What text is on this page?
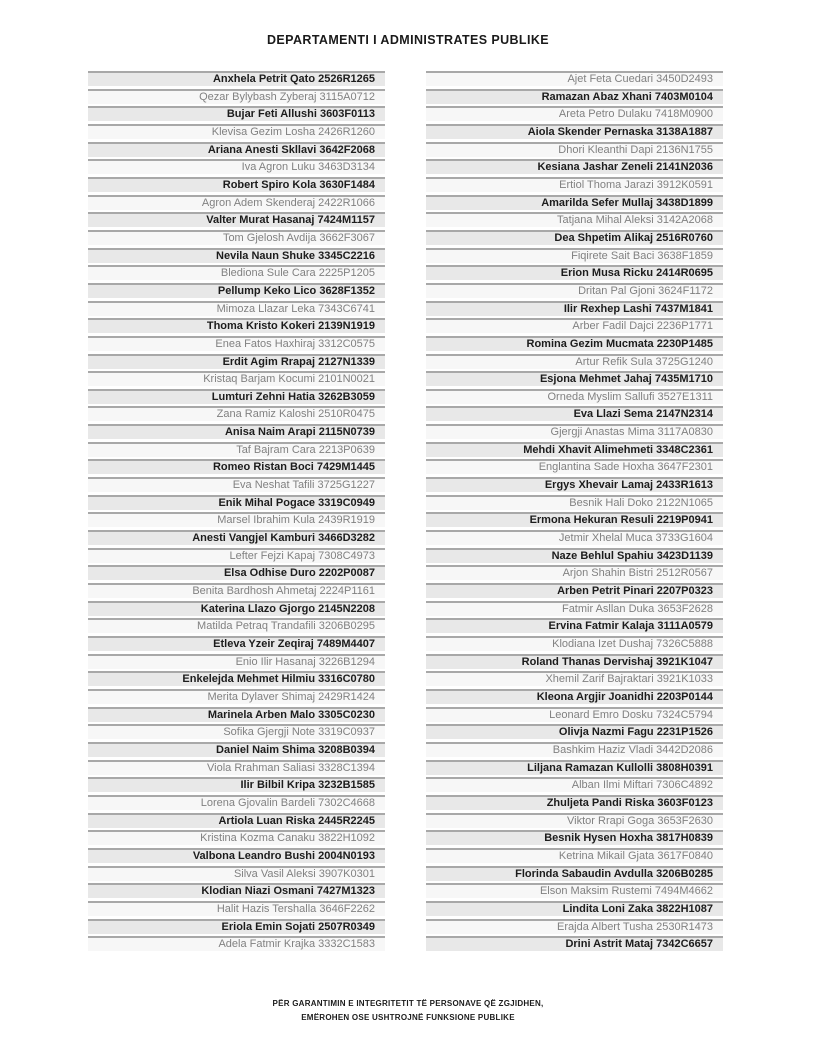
DEPARTAMENTI I ADMINISTRATES PUBLIKE
Anxhela Petrit Qato 2526R1265
Qezar Bylybash Zyberaj 3115A0712
Bujar Feti Allushi 3603F0113
Klevisa Gezim Losha 2426R1260
Ariana Anesti Skllavi 3642F2068
Iva Agron Luku 3463D3134
Robert Spiro Kola 3630F1484
Agron Adem Skenderaj 2422R1066
Valter Murat Hasanaj 7424M1157
Tom Gjelosh Avdija 3662F3067
Nevila Naun Shuke 3345C2216
Blediona Sule Cara 2225P1205
Pellump Keko Lico 3628F1352
Mimoza Llazar Leka 7343C6741
Thoma Kristo Kokeri 2139N1919
Enea Fatos Haxhiraj 3312C0575
Erdit Agim Rrapaj 2127N1339
Kristaq Barjam Kocumi 2101N0021
Lumturi Zehni Hatia 3262B3059
Zana Ramiz Kaloshi 2510R0475
Anisa Naim Arapi 2115N0739
Taf Bajram Cara 2213P0639
Romeo Ristan Boci 7429M1445
Eva Neshat Tafili 3725G1227
Enik Mihal Pogace 3319C0949
Marsel Ibrahim Kula 2439R1919
Anesti Vangjel Kamburi 3466D3282
Lefter Fejzi Kapaj 7308C4973
Elsa Odhise Duro 2202P0087
Benita Bardhosh Ahmetaj 2224P1161
Katerina Llazo Gjorgo 2145N2208
Matilda Petraq Trandafili 3206B0295
Etleva Yzeir Zeqiraj 7489M4407
Enio Ilir Hasanaj 3226B1294
Enkelejda Mehmet Hilmiu 3316C0780
Merita Dylaver Shimaj 2429R1424
Marinela Arben Malo 3305C0230
Sofika Gjergji Note 3319C0937
Daniel Naim Shima 3208B0394
Viola Rrahman Saliasi 3328C1394
Ilir Bilbil Kripa 3232B1585
Lorena Gjovalin Bardeli 7302C4668
Artiola Luan Riska 2445R2245
Kristina Kozma Canaku 3822H1092
Valbona Leandro Bushi 2004N0193
Silva Vasil Aleksi 3907K0301
Klodian Niazi Osmani 7427M1323
Halit Hazis Tershalla 3646F2262
Eriola Emin Sojati 2507R0349
Adela Fatmir Krajka 3332C1583
Ajet Feta Cuedari 3450D2493
Ramazan Abaz Xhani 7403M0104
Areta Petro Dulaku 7418M0900
Aiola Skender Pernaska 3138A1887
Dhori Kleanthi Dapi 2136N1755
Kesiana Jashar Zeneli 2141N2036
Ertiol Thoma Jarazi 3912K0591
Amarilda Sefer Mullaj 3438D1899
Tatjana Mihal Aleksi 3142A2068
Dea Shpetim Alikaj 2516R0760
Fiqirete Sait Baci 3638F1859
Erion Musa Ricku 2414R0695
Dritan Pal Gjoni 3624F1172
Ilir Rexhep Lashi 7437M1841
Arber Fadil Dajci 2236P1771
Romina Gezim Mucmata 2230P1485
Artur Refik Sula 3725G1240
Esjona Mehmet Jahaj 7435M1710
Orneda Myslim Sallufi 3527E1311
Eva Llazi Sema 2147N2314
Gjergji Anastas Mima 3117A0830
Mehdi Xhavit Alimehmeti 3348C2361
Englantina Sade Hoxha 3647F2301
Ergys Xhevair Lamaj 2433R1613
Besnik Hali Doko 2122N1065
Ermona Hekuran Resuli 2219P0941
Jetmir Xhelal Muca 3733G1604
Naze Behlul Spahiu 3423D1139
Arjon Shahin Bistri 2512R0567
Arben Petrit Pinari 2207P0323
Fatmir Asllan Duka 3653F2628
Ervina Fatmir Kalaja 3111A0579
Klodiana Izet Dushaj 7326C5888
Roland Thanas Dervishaj 3921K1047
Xhemil Zarif Bajraktari 3921K1033
Kleona Argjir Joanidhi 2203P0144
Leonard Emro Dosku 7324C5794
Olivja Nazmi Fagu 2231P1526
Bashkim Haziz Vladi 3442D2086
Liljana Ramazan Kullolli 3808H0391
Alban Ilmi Miftari 7306C4892
Zhuljeta Pandi Riska 3603F0123
Viktor Rrapi Goga 3653F2630
Besnik Hysen Hoxha 3817H0839
Ketrina Mikail Gjata 3617F0840
Florinda Sabaudin Avdulla 3206B0285
Elson Maksim Rustemi 7494M4662
Lindita Loni Zaka 3822H1087
Erajda Albert Tusha 2530R1473
Drini Astrit Mataj 7342C6657
PËR GARANTIMIN E INTEGRITETIT TË PERSONAVE QË ZGJIDHEN,
EMËROHEN OSE USHTROJNË FUNKSIONE PUBLIKE
